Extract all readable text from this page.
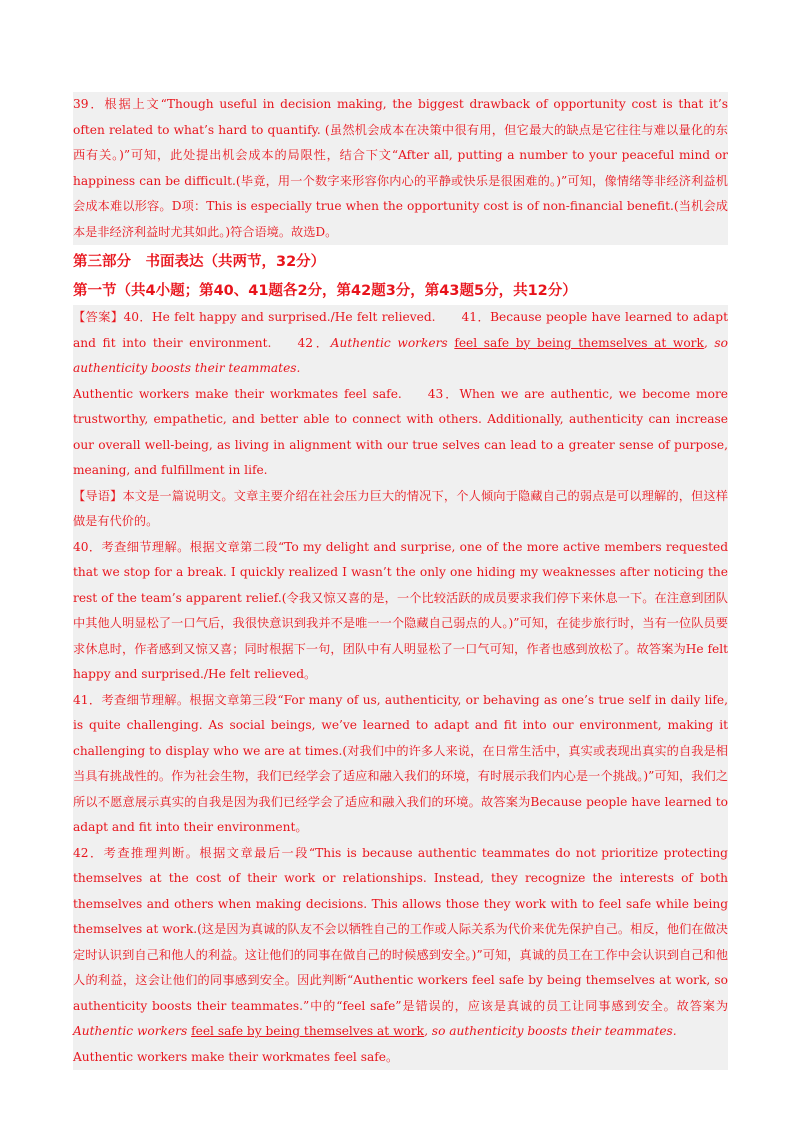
39．根据上文“Though useful in decision making, the biggest drawback of opportunity cost is that it’s often related to what’s hard to quantify. (虽然机会成本在决策中很有用，但它最大的缺点是它往往与难以量化的东西有关。)”可知，此处提出机会成本的局限性，结合下文“After all, putting a number to your peaceful mind or happiness can be difficult.(毕竟，用一个数字来形容你内心的平静或快乐是很困难的。)”可知，像情绪等非经济利益机会成本难以形容。D项：This is especially true when the opportunity cost is of non-financial benefit.(当机会成本是非经济利益时尤其如此。)符合语境。故选D。

第三部分　书面表达（共两节，32分）
第一节（共4小题；第40、41题各2分，第42题3分，第43题5分，共12分）

【答案】40．He felt happy and surprised./He felt relieved. 41．Because people have learned to adapt and fit into their environment. 42．Authentic workers feel safe by being themselves at work, so authenticity boosts their teammates.

Authentic workers make their workmates feel safe. 43．When we are authentic, we become more trustworthy, empathetic, and better able to connect with others. Additionally, authenticity can increase our overall well-being, as living in alignment with our true selves can lead to a greater sense of purpose, meaning, and fulfillment in life.

【导语】本文是一篇说明文。文章主要介绍在社会压力巨大的情况下，个人倾向于隐藏自己的弱点是可以理解的，但这样做是有代价的。

40．考查细节理解。根据文章第二段“To my delight and surprise, one of the more active members requested that we stop for a break. I quickly realized I wasn’t the only one hiding my weaknesses after noticing the rest of the team’s apparent relief.(令我又惊又喜的是，一个比较活跃的成员要求我们停下来休息一下。在注意到团队中其他人明显松了一口气后，我很快意识到我并不是唯一一个隐藏自己弱点的人。)”可知，在徒步旅行时，当有一位队员要求休息时，作者感到又惊又喜；同时根据下一句，团队中有人明显松了一口气可知，作者也感到放松了。故答案为He felt happy and surprised./He felt relieved。

41．考查细节理解。根据文章第三段“For many of us, authenticity, or behaving as one’s true self in daily life, is quite challenging. As social beings, we’ve learned to adapt and fit into our environment, making it challenging to display who we are at times.(对我们中的许多人来说，在日常生活中，真实或表现出真实的自我是相当具有挑战性的。作为社会生物，我们已经学会了适应和融入我们的环境，有时展示我们内心是一个挑战。)”可知，我们之所以不愿意展示真实的自我是因为我们已经学会了适应和融入我们的环境。故答案为Because people have learned to adapt and fit into their environment。

42．考查推理判断。根据文章最后一段“This is because authentic teammates do not prioritize protecting themselves at the cost of their work or relationships. Instead, they recognize the interests of both themselves and others when making decisions. This allows those they work with to feel safe while being themselves at work.(这是因为真诚的队友不会以牺牲自己的工作或人际关系为代价来优先保护自己。相反，他们在做决定时认识到自己和他人的利益。这让他们的同事在做自己的时候感到安全。)”可知，真诚的员工在工作中会认识到自己和他人的利益，这会让他们的同事感到安全。因此判断“Authentic workers feel safe by being themselves at work, so authenticity boosts their teammates.”中的“feel safe”是错误的，应该是真诚的员工让同事感到安全。故答案为Authentic workers feel safe by being themselves at work, so authenticity boosts their teammates.
Authentic workers make their workmates feel safe。
